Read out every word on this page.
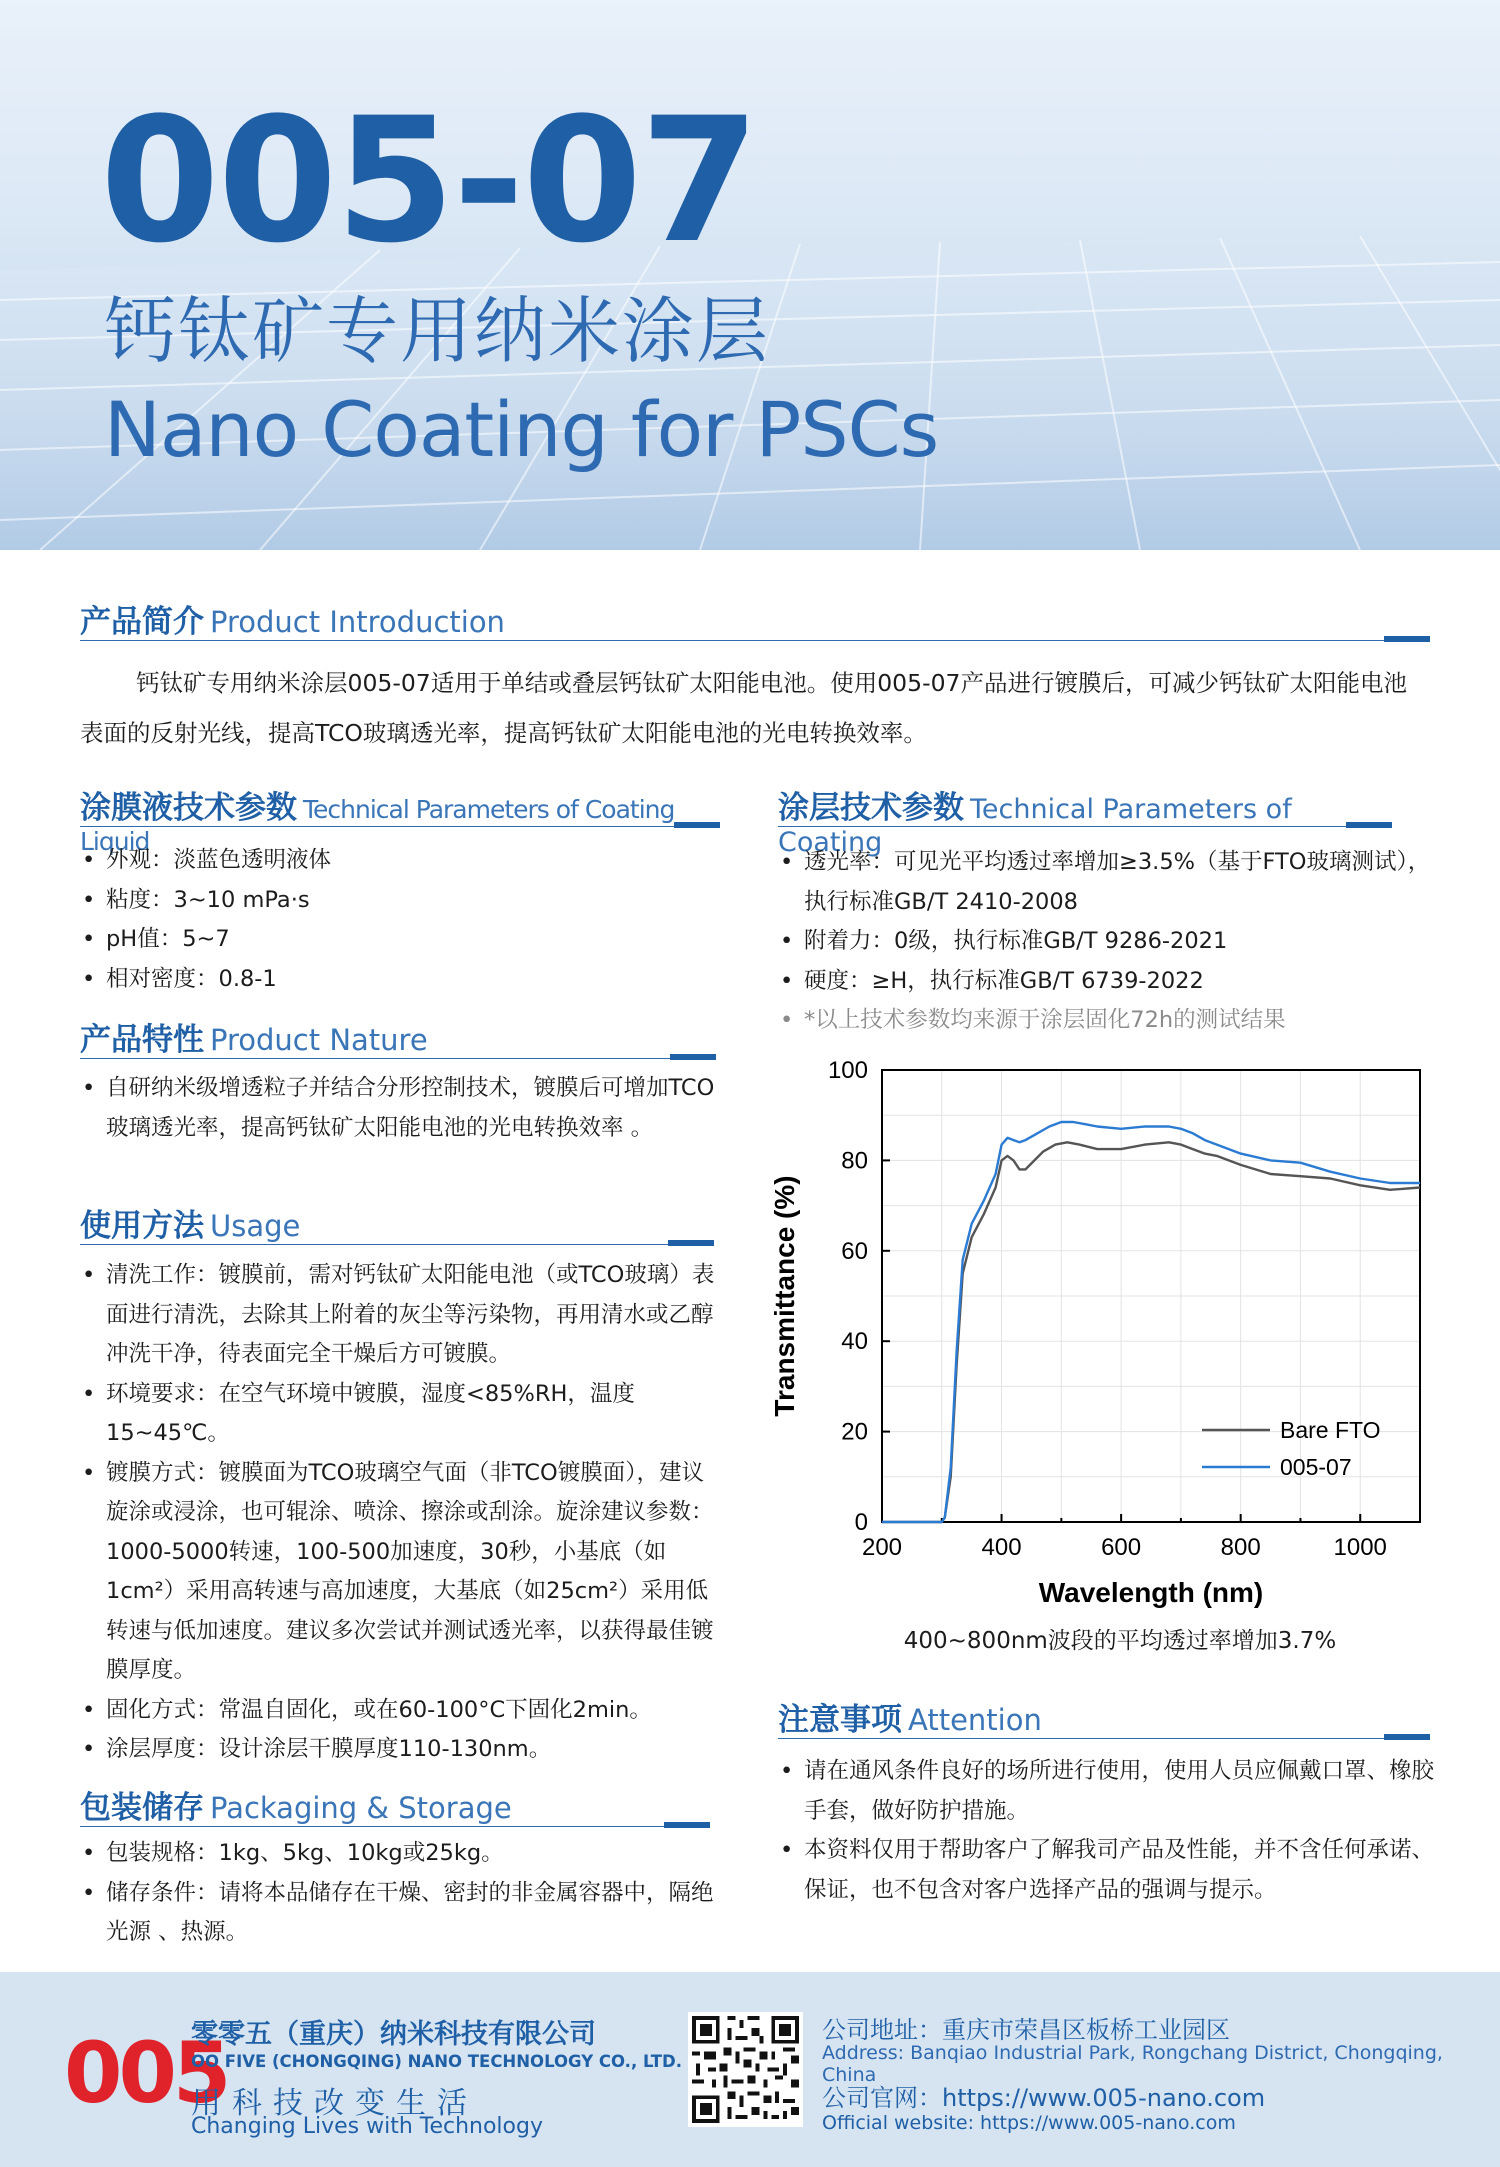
005-07
钙钛矿专用纳米涂层
Nano Coating for PSCs
产品简介 Product Introduction
钙钛矿专用纳米涂层005-07适用于单结或叠层钙钛矿太阳能电池。使用005-07产品进行镀膜后，可减少钙钛矿太阳能电池表面的反射光线，提高TCO玻璃透光率，提高钙钛矿太阳能电池的光电转换效率。
涂膜液技术参数 Technical Parameters of Coating Liquid
• 外观：淡蓝色透明液体
• 粘度：3~10 mPa·s
• pH值：5~7
• 相对密度：0.8-1
产品特性 Product Nature
• 自研纳米级增透粒子并结合分形控制技术，镀膜后可增加TCO玻璃透光率，提高钙钛矿太阳能电池的光电转换效率 。
使用方法 Usage
• 清洗工作：镀膜前，需对钙钛矿太阳能电池（或TCO玻璃）表面进行清洗，去除其上附着的灰尘等污染物，再用清水或乙醇冲洗干净，待表面完全干燥后方可镀膜。
• 环境要求：在空气环境中镀膜，湿度<85%RH，温度15~45℃。
• 镀膜方式：镀膜面为TCO玻璃空气面（非TCO镀膜面），建议旋涂或浸涂，也可辊涂、喷涂、擦涂或刮涂。旋涂建议参数：1000-5000转速，100-500加速度，30秒，小基底（如1cm²）采用高转速与高加速度，大基底（如25cm²）采用低转速与低加速度。建议多次尝试并测试透光率，以获得最佳镀膜厚度。
• 固化方式：常温自固化，或在60-100°C下固化2min。
• 涂层厚度：设计涂层干膜厚度110-130nm。
包装储存 Packaging & Storage
• 包装规格：1kg、5kg、10kg或25kg。
• 储存条件：请将本品储存在干燥、密封的非金属容器中，隔绝光源 、热源。
涂层技术参数 Technical Parameters of Coating
• 透光率：可见光平均透过率增加≥3.5%（基于FTO玻璃测试），执行标准GB/T 2410-2008
• 附着力：0级，执行标准GB/T 9286-2021
• 硬度：≥H，执行标准GB/T 6739-2022
• *以上技术参数均来源于涂层固化72h的测试结果
200	400	600	800	1000
0
20
40
60
80
100
Wavelength (nm)
Transmittance (%)
Bare FTO
005-07
400~800nm波段的平均透过率增加3.7%
注意事项 Attention
• 请在通风条件良好的场所进行使用，使用人员应佩戴口罩、橡胶手套，做好防护措施。
• 本资料仅用于帮助客户了解我司产品及性能，并不含任何承诺、保证，也不包含对客户选择产品的强调与提示。
005
零零五（重庆）纳米科技有限公司
OO FIVE (CHONGQING) NANO TECHNOLOGY CO., LTD.
用科技改变生活
Changing Lives with Technology
公司地址：重庆市荣昌区板桥工业园区
Address: Banqiao Industrial Park, Rongchang District, Chongqing, China
公司官网：https://www.005-nano.com
Official website: https://www.005-nano.com
